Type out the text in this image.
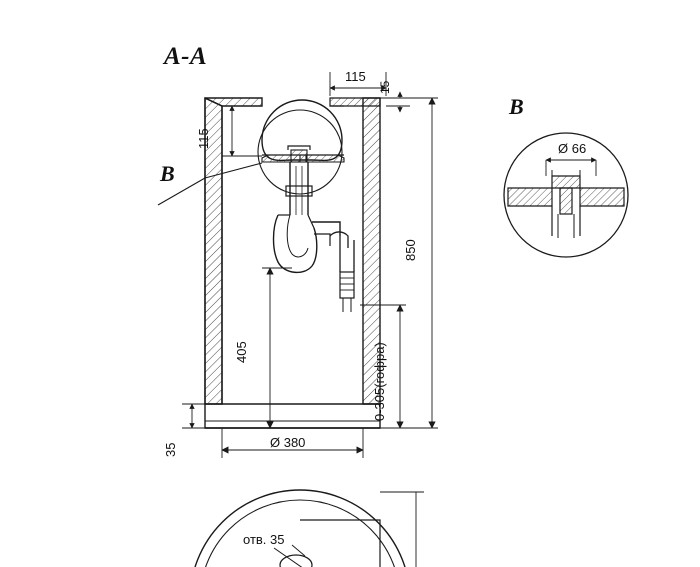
A-A
B
B
115
15
115
850
405	0-305(гофра)
35	Ø 380
Ø 66
отв. 35
